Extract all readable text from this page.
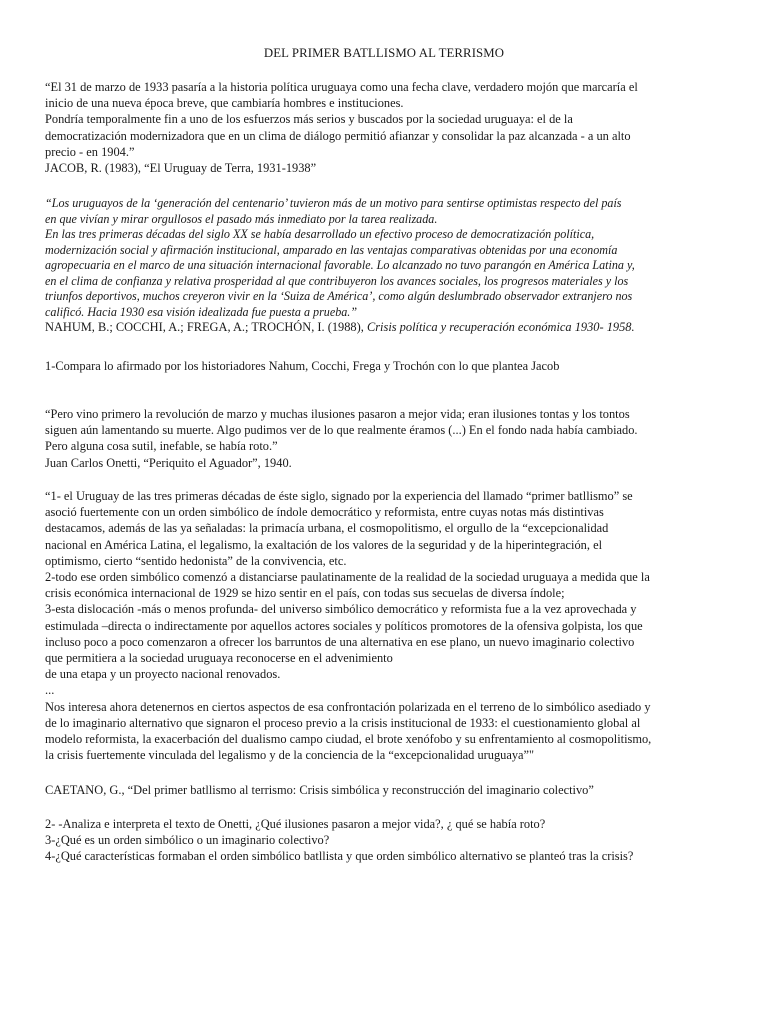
DEL PRIMER BATLLISMO AL TERRISMO

“El 31 de marzo de 1933 pasaría a la historia política uruguaya como una fecha clave, verdadero mojón que marcaría el

inicio de una nueva época breve, que cambiaría hombres e instituciones.

Pondría temporalmente fin a uno de los esfuerzos más serios y buscados por la sociedad uruguaya: el de la

democratización modernizadora que en un clima de diálogo permitió afianzar y consolidar la paz alcanzada - a un alto

precio - en 1904.”

JACOB, R. (1983), “El Uruguay de Terra, 1931-1938”

“Los uruguayos de la ‘generación del centenario’ tuvieron más de un motivo para sentirse optimistas respecto del país

en que vivían y mirar orgullosos el pasado más inmediato por la tarea realizada.

En las tres primeras décadas del siglo XX se había desarrollado un efectivo proceso de democratización política,

modernización social y afirmación institucional, amparado en las ventajas comparativas obtenidas por una economía

agropecuaria en el marco de una situación internacional favorable. Lo alcanzado no tuvo parangón en América Latina y,

en el clima de confianza y relativa prosperidad al que contribuyeron los avances sociales, los progresos materiales y los

triunfos deportivos, muchos creyeron vivir en la ‘Suiza de América’, como algún deslumbrado observador extranjero nos

calificó. Hacia 1930 esa visión idealizada fue puesta a prueba.”

NAHUM, B.; COCCHI, A.; FREGA, A.; TROCHÓN, I. (1988), Crisis política y recuperación económica 1930- 1958.

1-Compara lo afirmado por los historiadores Nahum, Cocchi, Frega y Trochón con lo que plantea Jacob

“Pero vino primero la revolución de marzo y muchas ilusiones pasaron a mejor vida; eran ilusiones tontas y los tontos

siguen aún lamentando su muerte. Algo pudimos ver de lo que realmente éramos (...) En el fondo nada había cambiado.

Pero alguna cosa sutil, inefable, se había roto.”

Juan Carlos Onetti, “Periquito el Aguador”, 1940.

“1- el Uruguay de las tres primeras décadas de éste siglo, signado por la experiencia del llamado “primer batllismo” se

asoció fuertemente con un orden simbólico de índole democrático y reformista, entre cuyas notas más distintivas

destacamos, además de las ya señaladas: la primacía urbana, el cosmopolitismo, el orgullo de la “excepcionalidad

nacional en América Latina, el legalismo, la exaltación de los valores de la seguridad y de la hiperintegración, el

optimismo, cierto “sentido hedonista” de la convivencia, etc.

2-todo ese orden simbólico comenzó a distanciarse paulatinamente de la realidad de la sociedad uruguaya a medida que la

crisis económica internacional de 1929 se hizo sentir en el país, con todas sus secuelas de diversa índole;

3-esta dislocación -más o menos profunda- del universo simbólico democrático y reformista fue a la vez aprovechada y

estimulada –directa o indirectamente por aquellos actores sociales y políticos promotores de la ofensiva golpista, los que

incluso poco a poco comenzaron a ofrecer los barruntos de una alternativa en ese plano, un nuevo imaginario colectivo

que permitiera a la sociedad uruguaya reconocerse en el advenimiento

de una etapa y un proyecto nacional renovados.

...

Nos interesa ahora detenernos en ciertos aspectos de esa confrontación polarizada en el terreno de lo simbólico asediado y

de lo imaginario alternativo que signaron el proceso previo a la crisis institucional de 1933: el cuestionamiento global al

modelo reformista, la exacerbación del dualismo campo ciudad, el brote xenófobo y su enfrentamiento al cosmopolitismo,

la crisis fuertemente vinculada del legalismo y de la conciencia de la “excepcionalidad uruguaya”"

CAETANO, G., “Del primer batllismo al terrismo: Crisis simbólica y reconstrucción del imaginario colectivo”

2- -Analiza e interpreta el texto de Onetti, ¿Qué ilusiones pasaron a mejor vida?, ¿ qué se había roto?

3-¿Qué es un orden simbólico o un imaginario colectivo?

4-¿Qué características formaban el orden simbólico batllista y que orden simbólico alternativo se planteó tras la crisis?
